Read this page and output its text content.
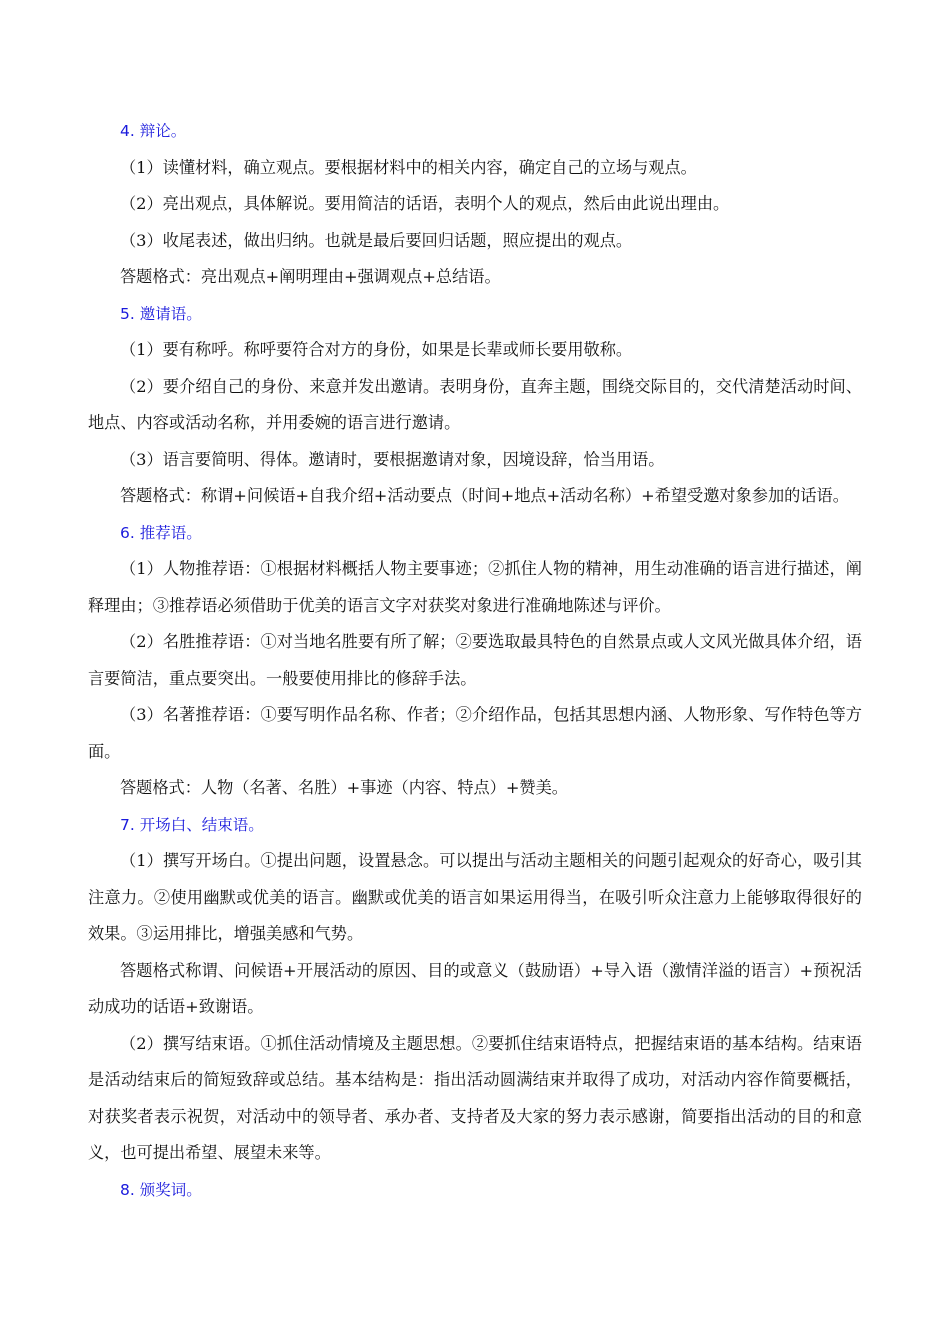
4. 辩论。

（1）读懂材料，确立观点。要根据材料中的相关内容，确定自己的立场与观点。

（2）亮出观点，具体解说。要用简洁的话语，表明个人的观点，然后由此说出理由。

（3）收尾表述，做出归纳。也就是最后要回归话题，照应提出的观点。

答题格式：亮出观点+阐明理由+强调观点+总结语。

5. 邀请语。

（1）要有称呼。称呼要符合对方的身份，如果是长辈或师长要用敬称。

（2）要介绍自己的身份、来意并发出邀请。表明身份，直奔主题，围绕交际目的，交代清楚活动时间、地点、内容或活动名称，并用委婉的语言进行邀请。

（3）语言要简明、得体。邀请时，要根据邀请对象，因境设辞，恰当用语。

答题格式：称谓+问候语+自我介绍+活动要点（时间+地点+活动名称）+希望受邀对象参加的话语。

6. 推荐语。

（1）人物推荐语：①根据材料概括人物主要事迹；②抓住人物的精神，用生动准确的语言进行描述，阐释理由；③推荐语必须借助于优美的语言文字对获奖对象进行准确地陈述与评价。

（2）名胜推荐语：①对当地名胜要有所了解；②要选取最具特色的自然景点或人文风光做具体介绍，语言要简洁，重点要突出。一般要使用排比的修辞手法。

（3）名著推荐语：①要写明作品名称、作者；②介绍作品，包括其思想内涵、人物形象、写作特色等方面。

答题格式：人物（名著、名胜）+事迹（内容、特点）+赞美。

7. 开场白、结束语。

（1）撰写开场白。①提出问题，设置悬念。可以提出与活动主题相关的问题引起观众的好奇心，吸引其注意力。②使用幽默或优美的语言。幽默或优美的语言如果运用得当，在吸引听众注意力上能够取得很好的效果。③运用排比，增强美感和气势。

答题格式称谓、问候语+开展活动的原因、目的或意义（鼓励语）+导入语（激情洋溢的语言）+预祝活动成功的话语+致谢语。

（2）撰写结束语。①抓住活动情境及主题思想。②要抓住结束语特点，把握结束语的基本结构。结束语是活动结束后的简短致辞或总结。基本结构是：指出活动圆满结束并取得了成功，对活动内容作简要概括，对获奖者表示祝贺，对活动中的领导者、承办者、支持者及大家的努力表示感谢，简要指出活动的目的和意义，也可提出希望、展望未来等。

8. 颁奖词。
